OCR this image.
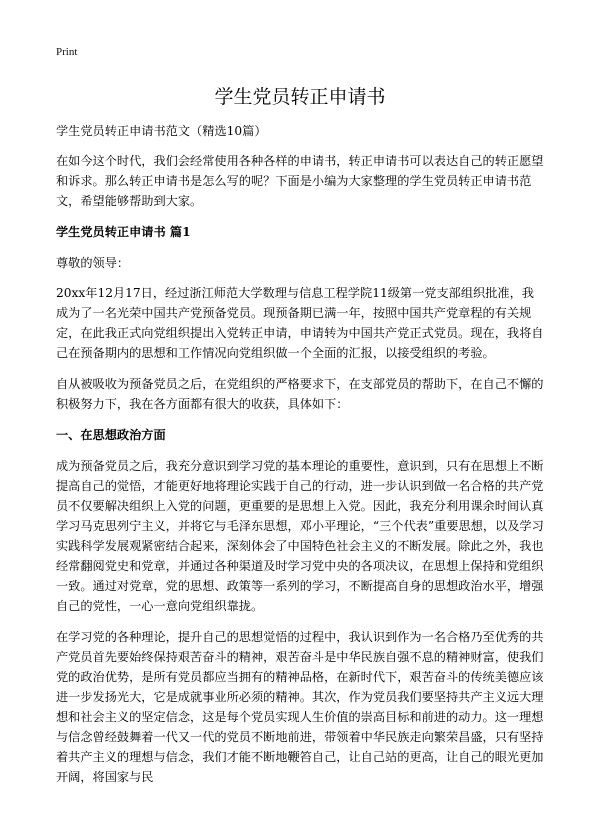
Print
学生党员转正申请书

学生党员转正申请书范文（精选10篇）

在如今这个时代，我们会经常使用各种各样的申请书，转正申请书可以表达自己的转正愿望和诉求。那么转正申请书是怎么写的呢？下面是小编为大家整理的学生党员转正申请书范文，希望能够帮助到大家。

学生党员转正申请书 篇1

尊敬的领导：

20xx年12月17日，经过浙江师范大学数理与信息工程学院11级第一党支部组织批准，我成为了一名光荣中国共产党预备党员。现预备期已满一年，按照中国共产党章程的有关规定，在此我正式向党组织提出入党转正申请，申请转为中国共产党正式党员。现在，我将自己在预备期内的思想和工作情况向党组织做一个全面的汇报，以接受组织的考验。

自从被吸收为预备党员之后，在党组织的严格要求下，在支部党员的帮助下，在自己不懈的积极努力下，我在各方面都有很大的收获，具体如下：

一、在思想政治方面

成为预备党员之后，我充分意识到学习党的基本理论的重要性，意识到，只有在思想上不断提高自己的觉悟，才能更好地将理论实践于自己的行动，进一步认识到做一名合格的共产党员不仅要解决组织上入党的问题，更重要的是思想上入党。因此，我充分利用课余时间认真学习马克思列宁主义，并将它与毛泽东思想，邓小平理论，“三个代表”重要思想，以及学习实践科学发展观紧密结合起来，深刻体会了中国特色社会主义的不断发展。除此之外，我也经常翻阅党史和党章，并通过各种渠道及时学习党中央的各项决议，在思想上保持和党组织一致。通过对党章，党的思想、政策等一系列的学习，不断提高自身的思想政治水平，增强自己的党性，一心一意向党组织靠拢。

在学习党的各种理论，提升自己的思想觉悟的过程中，我认识到作为一名合格乃至优秀的共产党员首先要始终保持艰苦奋斗的精神，艰苦奋斗是中华民族自强不息的精神财富，使我们党的政治优势，是所有党员都应当拥有的精神品格，在新时代下，艰苦奋斗的传统美德应该进一步发扬光大，它是成就事业所必须的精神。其次，作为党员我们要坚持共产主义远大理想和社会主义的坚定信念，这是每个党员实现人生价值的崇高目标和前进的动力。这一理想与信念曾经鼓舞着一代又一代的党员不断地前进，带领着中华民族走向繁荣昌盛，只有坚持着共产主义的理想与信念，我们才能不断地鞭笞自己，让自己站的更高，让自己的眼光更加开阔，将国家与民
